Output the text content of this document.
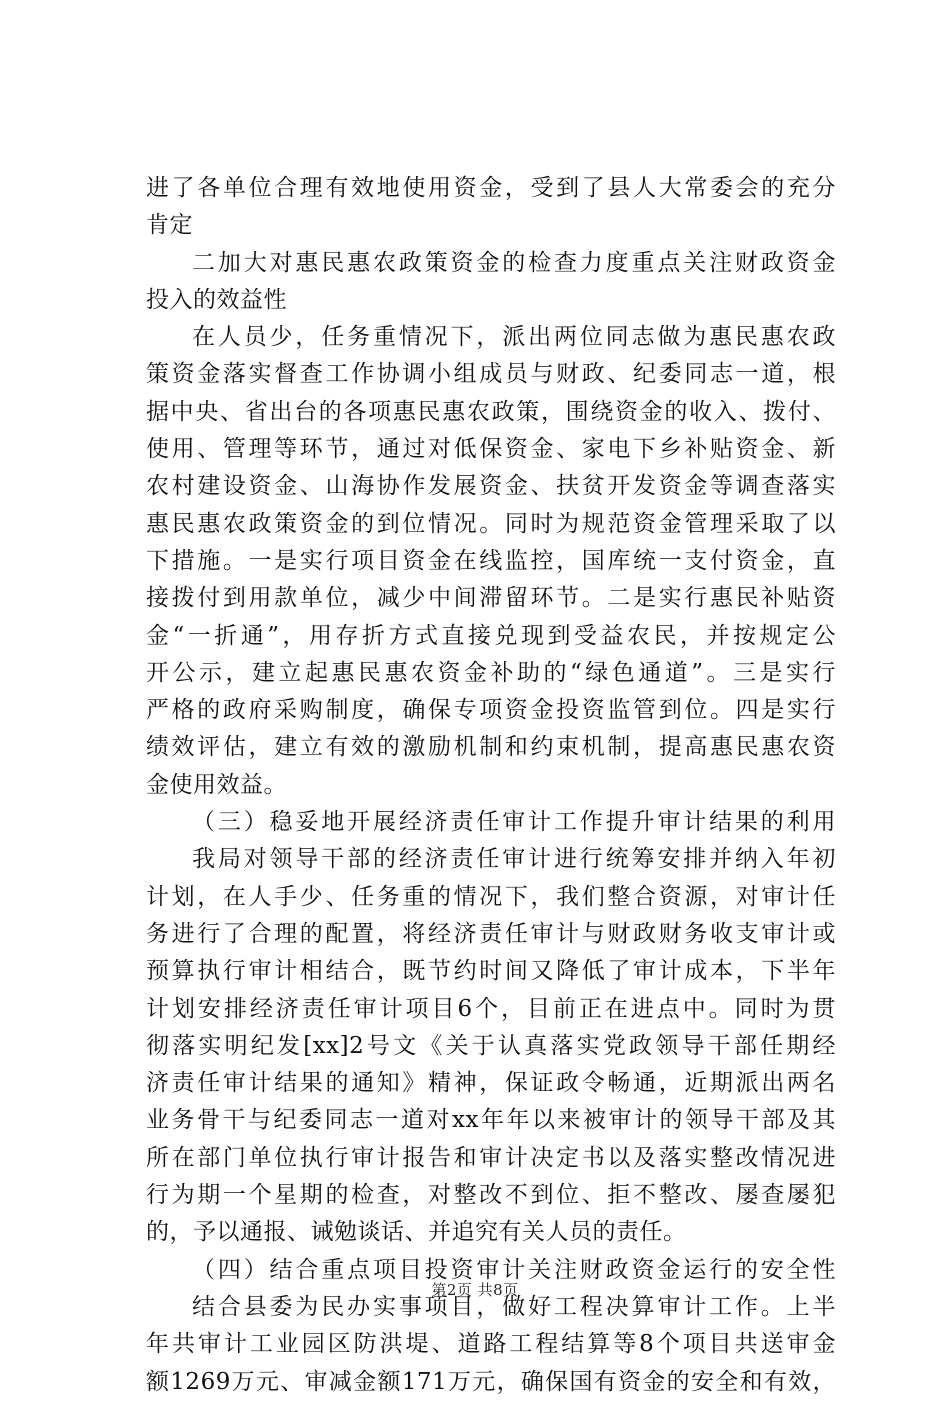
进了各单位合理有效地使用资金，受到了县人大常委会的充分
肯定
二加大对惠民惠农政策资金的检查力度重点关注财政资金
投入的效益性
在人员少，任务重情况下，派出两位同志做为惠民惠农政
策资金落实督查工作协调小组成员与财政、纪委同志一道，根
据中央、省出台的各项惠民惠农政策，围绕资金的收入、拨付、
使用、管理等环节，通过对低保资金、家电下乡补贴资金、新
农村建设资金、山海协作发展资金、扶贫开发资金等调查落实
惠民惠农政策资金的到位情况。同时为规范资金管理采取了以
下措施。一是实行项目资金在线监控，国库统一支付资金，直
接拨付到用款单位，减少中间滞留环节。二是实行惠民补贴资
金“一折通”，用存折方式直接兑现到受益农民，并按规定公
开公示，建立起惠民惠农资金补助的“绿色通道”。三是实行
严格的政府采购制度，确保专项资金投资监管到位。四是实行
绩效评估，建立有效的激励机制和约束机制，提高惠民惠农资
金使用效益。
（三）稳妥地开展经济责任审计工作提升审计结果的利用
我局对领导干部的经济责任审计进行统筹安排并纳入年初
计划，在人手少、任务重的情况下，我们整合资源，对审计任
务进行了合理的配置，将经济责任审计与财政财务收支审计或
预算执行审计相结合，既节约时间又降低了审计成本，下半年
计划安排经济责任审计项目6个，目前正在进点中。同时为贯
彻落实明纪发[xx]2号文《关于认真落实党政领导干部任期经
济责任审计结果的通知》精神，保证政令畅通，近期派出两名
业务骨干与纪委同志一道对xx年年以来被审计的领导干部及其
所在部门单位执行审计报告和审计决定书以及落实整改情况进
行为期一个星期的检查，对整改不到位、拒不整改、屡查屡犯
的，予以通报、诫勉谈话、并追究有关人员的责任。
（四）结合重点项目投资审计关注财政资金运行的安全性
结合县委为民办实事项目，做好工程决算审计工作。上半
年共审计工业园区防洪堤、道路工程结算等8个项目共送审金
额1269万元、审减金额171万元，确保国有资金的安全和有效，
第2页 共8页
